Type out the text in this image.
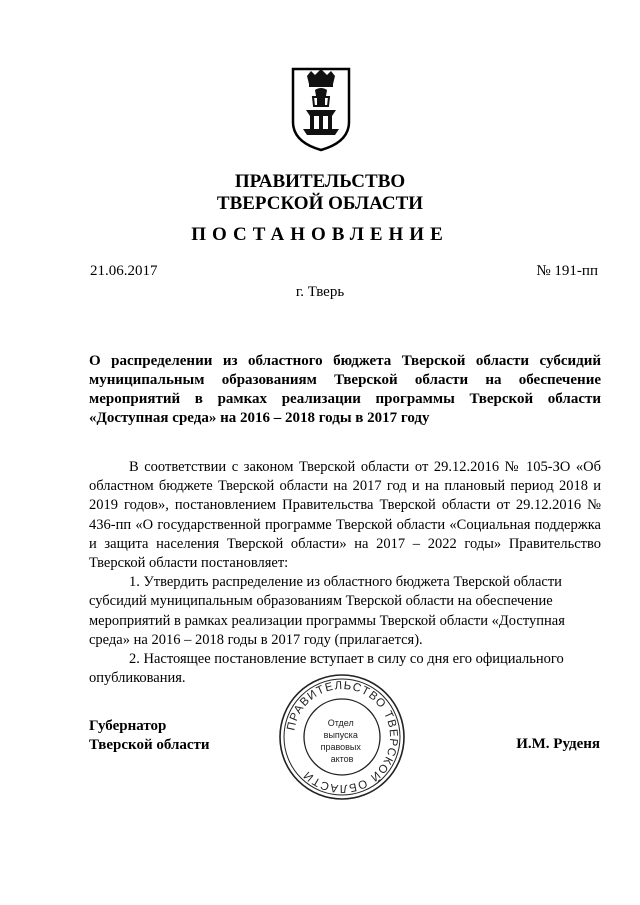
ПРАВИТЕЛЬСТВО
ТВЕРСКОЙ ОБЛАСТИ
ПОСТАНОВЛЕНИЕ
21.06.2017	№ 191-пп
г. Тверь
О распределении из областного бюджета Тверской области субсидий муниципальным образованиям Тверской области на обеспечение мероприятий в рамках реализации программы Тверской области «Доступная среда» на 2016 – 2018 годы в 2017 году

В соответствии с законом Тверской области от 29.12.2016 № 105-ЗО «Об областном бюджете Тверской области на 2017 год и на плановый период 2018 и 2019 годов», постановлением Правительства Тверской области от 29.12.2016 № 436-пп «О государственной программе Тверской области «Социальная поддержка и защита населения Тверской области» на 2017 – 2022 годы» Правительство Тверской области постановляет:

1. Утвердить распределение из областного бюджета Тверской области субсидий муниципальным образованиям Тверской области на обеспечение мероприятий в рамках реализации программы Тверской области «Доступная среда» на 2016 – 2018 годы в 2017 году (прилагается).

2. Настоящее постановление вступает в силу со дня его официального опубликования.

Губернатор
Тверской области	И.М. Руденя
ПРАВИТЕЛЬСТВО ТВЕРСКОЙ ОБЛАСТИ
Отдел выпуска правовых актов
